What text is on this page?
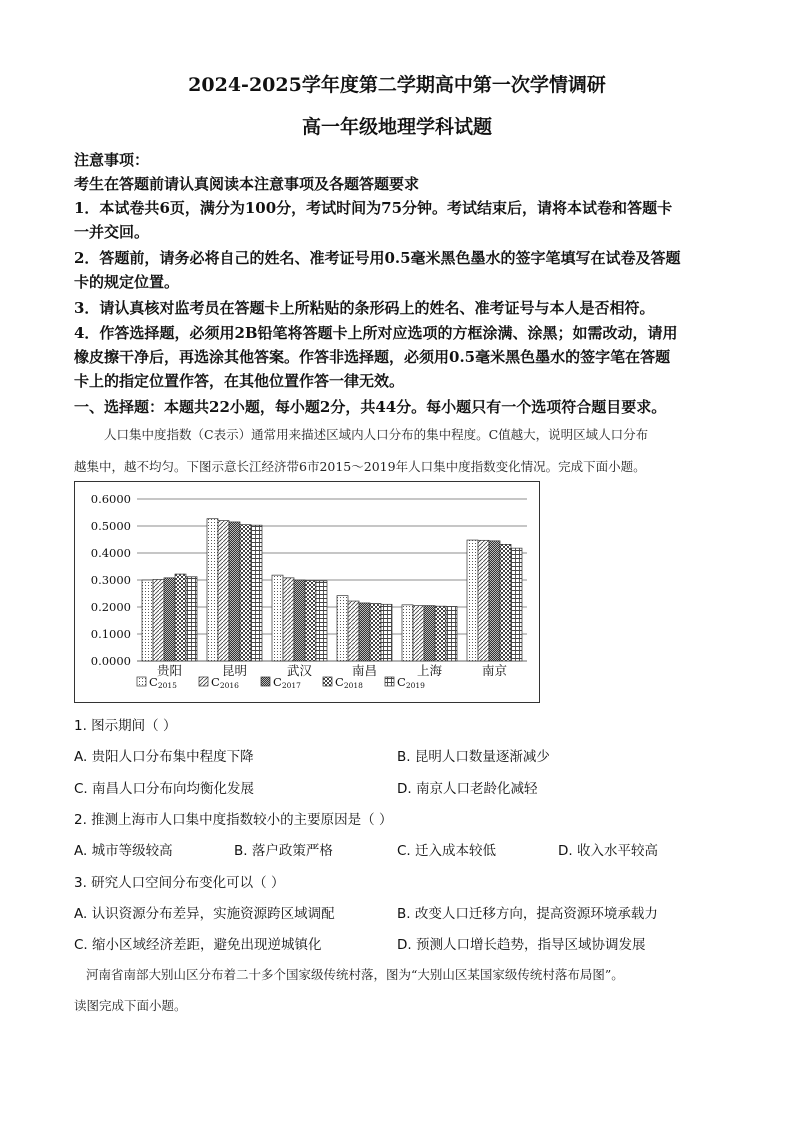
2024-2025学年度第二学期高中第一次学情调研
高一年级地理学科试题
注意事项：
考生在答题前请认真阅读本注意事项及各题答题要求
1．本试卷共6页，满分为100分，考试时间为75分钟。考试结束后，请将本试卷和答题卡
一并交回。
2．答题前，请务必将自己的姓名、准考证号用0.5毫米黑色墨水的签字笔填写在试卷及答题
卡的规定位置。
3．请认真核对监考员在答题卡上所粘贴的条形码上的姓名、准考证号与本人是否相符。
4．作答选择题，必须用2B铅笔将答题卡上所对应选项的方框涂满、涂黑；如需改动，请用
橡皮擦干净后，再选涂其他答案。作答非选择题，必须用0.5毫米黑色墨水的签字笔在答题
卡上的指定位置作答，在其他位置作答一律无效。
一、选择题：本题共22小题，每小题2分，共44分。每小题只有一个选项符合题目要求。
人口集中度指数（C表示）通常用来描述区域内人口分布的集中程度。C值越大，说明区域人口分布
越集中，越不均匀。下图示意长江经济带6市2015～2019年人口集中度指数变化情况。完成下面小题。
0.0000
0.1000
0.2000
0.3000
0.4000
0.5000
0.6000
贵阳	昆明	武汉	南昌	上海	南京
C2015	C2016	C2017	C2018	C2019
1. 图示期间（ ）
A. 贵阳人口分布集中程度下降	B. 昆明人口数量逐渐减少
C. 南昌人口分布向均衡化发展	D. 南京人口老龄化减轻
2. 推测上海市人口集中度指数较小的主要原因是（ ）
A. 城市等级较高	B. 落户政策严格	C. 迁入成本较低	D. 收入水平较高
3. 研究人口空间分布变化可以（ ）
A. 认识资源分布差异，实施资源跨区域调配	B. 改变人口迁移方向，提高资源环境承载力
C. 缩小区域经济差距，避免出现逆城镇化	D. 预测人口增长趋势，指导区域协调发展
河南省南部大别山区分布着二十多个国家级传统村落，图为“大别山区某国家级传统村落布局图”。
读图完成下面小题。
